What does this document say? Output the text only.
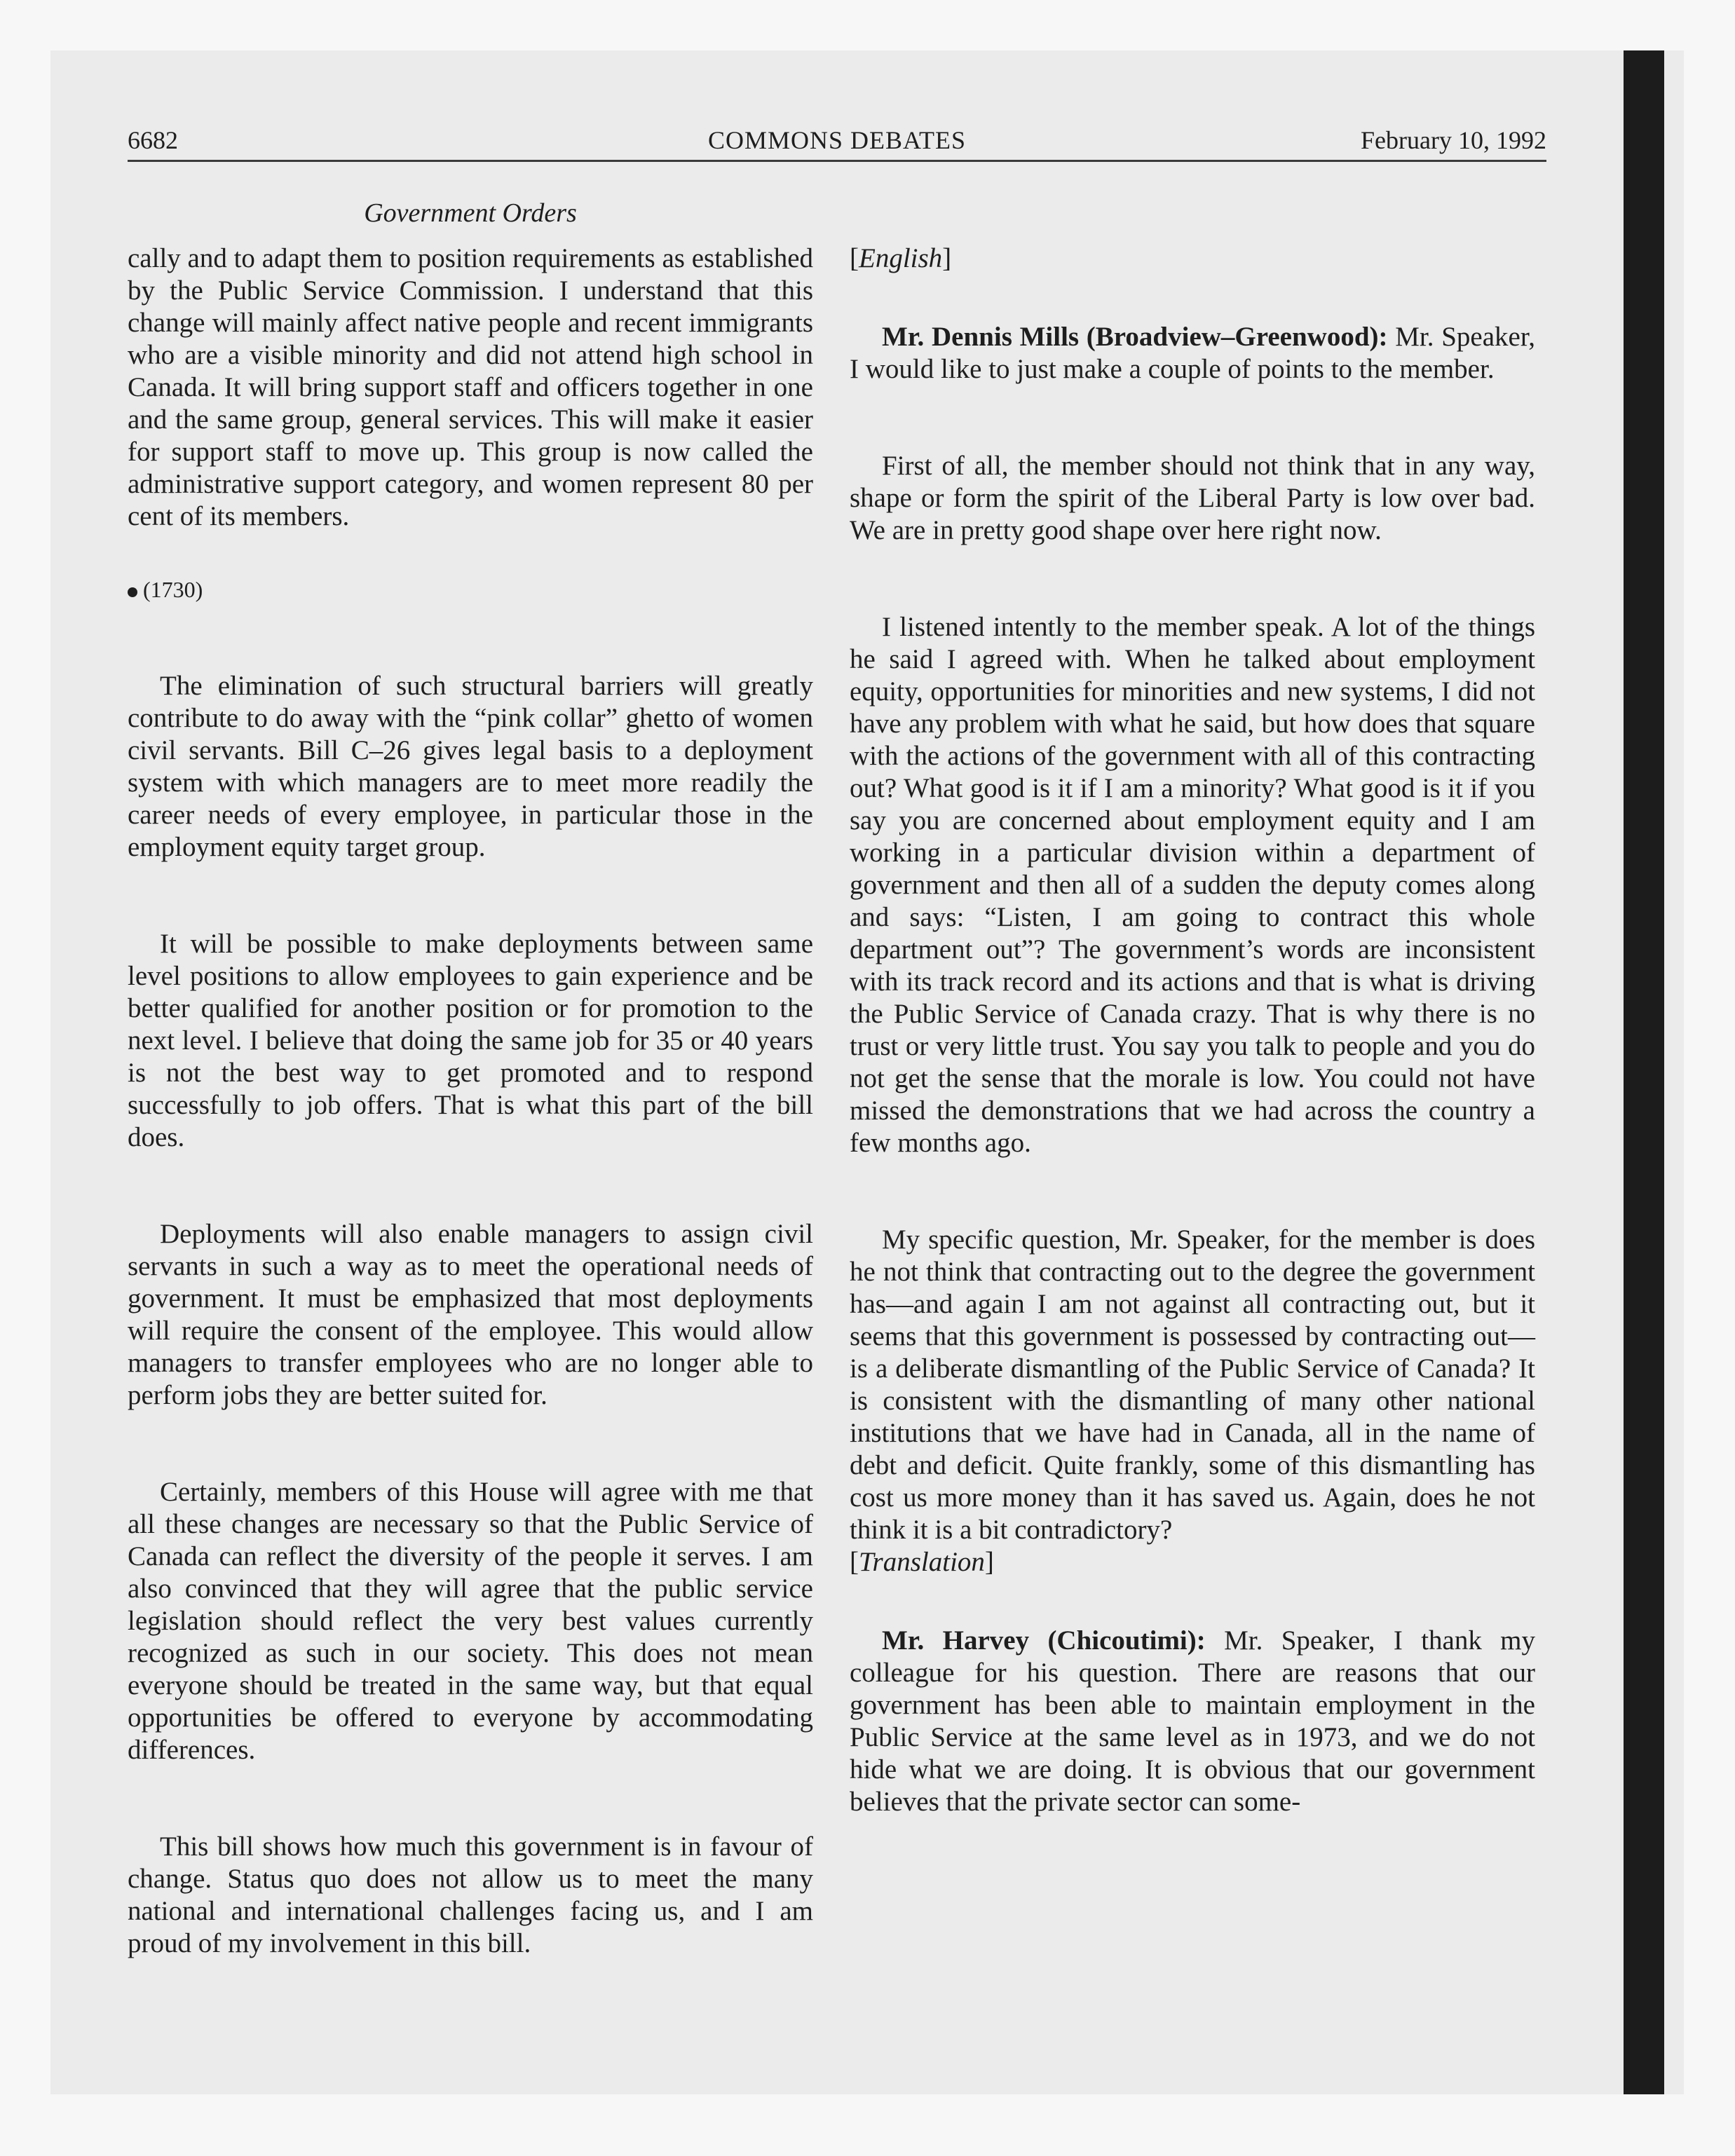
6682	COMMONS DEBATES	February 10, 1992
Government Orders

cally and to adapt them to position requirements as established by the Public Service Commission. I understand that this change will mainly affect native people and recent immigrants who are a visible minority and did not attend high school in Canada. It will bring support staff and officers together in one and the same group, general services. This will make it easier for support staff to move up. This group is now called the administrative support category, and women represent 80 per cent of its members.

(1730)

The elimination of such structural barriers will greatly contribute to do away with the “pink collar” ghetto of women civil servants. Bill C–26 gives legal basis to a deployment system with which managers are to meet more readily the career needs of every employee, in particular those in the employment equity target group.

It will be possible to make deployments between same level positions to allow employees to gain experience and be better qualified for another position or for promotion to the next level. I believe that doing the same job for 35 or 40 years is not the best way to get promoted and to respond successfully to job offers. That is what this part of the bill does.

Deployments will also enable managers to assign civil servants in such a way as to meet the operational needs of government. It must be emphasized that most deployments will require the consent of the employee. This would allow managers to transfer employees who are no longer able to perform jobs they are better suited for.

Certainly, members of this House will agree with me that all these changes are necessary so that the Public Service of Canada can reflect the diversity of the people it serves. I am also convinced that they will agree that the public service legislation should reflect the very best values currently recognized as such in our society. This does not mean everyone should be treated in the same way, but that equal opportunities be offered to everyone by accommodating differences.

This bill shows how much this government is in favour of change. Status quo does not allow us to meet the many national and international challenges facing us, and I am proud of my involvement in this bill.

[English]

Mr. Dennis Mills (Broadview–Greenwood): Mr. Speaker, I would like to just make a couple of points to the member.

First of all, the member should not think that in any way, shape or form the spirit of the Liberal Party is low over bad. We are in pretty good shape over here right now.

I listened intently to the member speak. A lot of the things he said I agreed with. When he talked about employment equity, opportunities for minorities and new systems, I did not have any problem with what he said, but how does that square with the actions of the government with all of this contracting out? What good is it if I am a minority? What good is it if you say you are concerned about employment equity and I am working in a particular division within a department of government and then all of a sudden the deputy comes along and says: “Listen, I am going to contract this whole department out”? The government’s words are inconsistent with its track record and its actions and that is what is driving the Public Service of Canada crazy. That is why there is no trust or very little trust. You say you talk to people and you do not get the sense that the morale is low. You could not have missed the demonstrations that we had across the country a few months ago.

My specific question, Mr. Speaker, for the member is does he not think that contracting out to the degree the government has—and again I am not against all contracting out, but it seems that this government is possessed by contracting out—is a deliberate dismantling of the Public Service of Canada? It is consistent with the dismantling of many other national institutions that we have had in Canada, all in the name of debt and deficit. Quite frankly, some of this dismantling has cost us more money than it has saved us. Again, does he not think it is a bit contradictory?

[Translation]

Mr. Harvey (Chicoutimi): Mr. Speaker, I thank my colleague for his question. There are reasons that our government has been able to maintain employment in the Public Service at the same level as in 1973, and we do not hide what we are doing. It is obvious that our government believes that the private sector can some-
